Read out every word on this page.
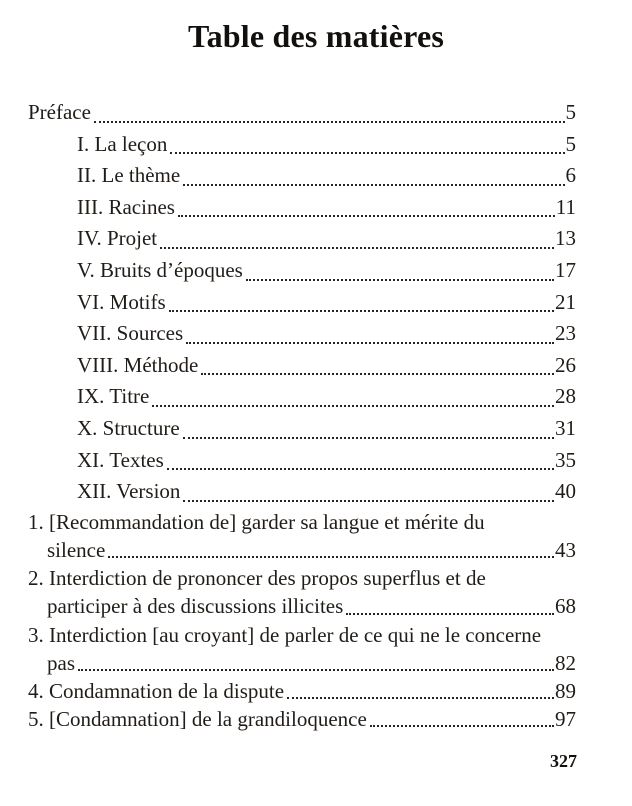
Table des matières
Préface	5
I. La leçon	5
II. Le thème	6
III. Racines	11
IV. Projet	13
V. Bruits d’époques	17
VI. Motifs	21
VII. Sources	23
VIII. Méthode	26
IX. Titre	28
X. Structure	31
XI. Textes	35
XII. Version	40
1. [Recommandation de] garder sa langue et mérite du
silence	43
2. Interdiction de prononcer des propos superflus et de
participer à des discussions illicites	68
3. Interdiction [au croyant] de parler de ce qui ne le concerne
pas	82
4. Condamnation de la dispute	89
5. [Condamnation] de la grandiloquence	97
327
